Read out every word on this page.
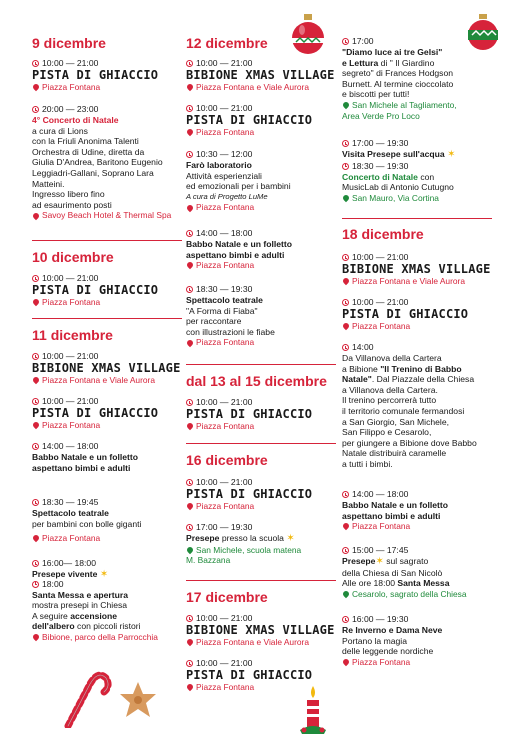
9 dicembre
10:00 — 21:00
PISTA DI GHIACCIO
Piazza Fontana
20:00 — 23:00
4° Concerto di Natale
a cura di Lions
con la Friuli Anonima Talenti
Orchestra di Udine, diretta da
Giulia D'Andrea, Baritono Eugenio
Leggiadri-Gallani, Soprano Lara
Matteini.
Ingresso libero fino
ad esaurimento posti
Savoy Beach Hotel & Thermal Spa
10 dicembre
10:00 — 21:00
PISTA DI GHIACCIO
Piazza Fontana
11 dicembre
10:00 — 21:00
BIBIONE XMAS VILLAGE
Piazza Fontana e Viale Aurora
10:00 — 21:00
PISTA DI GHIACCIO
Piazza Fontana
14:00 — 18:00
Babbo Natale e un folletto
aspettano bimbi e adulti
18:30 — 19:45
Spettacolo teatrale
per bambini con bolle giganti
Piazza Fontana
16:00— 18:00
Presepe vivente ✶
18:00
Santa Messa e apertura
mostra presepi in Chiesa
A seguire accensione
dell'albero con piccoli ristori
Bibione, parco della Parrocchia
12 dicembre
10:00 — 21:00
BIBIONE XMAS VILLAGE
Piazza Fontana e Viale Aurora
10:00 — 21:00
PISTA DI GHIACCIO
Piazza Fontana
10:30 — 12:00
Farò laboratorio
Attività esperienziali
ed emozionali per i bambini
A cura di Progetto LuMe
Piazza Fontana
14:00 — 18:00
Babbo Natale e un folletto
aspettano bimbi e adulti
Piazza Fontana
18:30 — 19:30
Spettacolo teatrale
"A Forma di Fiaba"
per raccontare
con illustrazioni le fiabe
Piazza Fontana
dal 13 al 15 dicembre
10:00 — 21:00
PISTA DI GHIACCIO
Piazza Fontana
16 dicembre
10:00 — 21:00
PISTA DI GHIACCIO
Piazza Fontana
17:00 — 19:30
Presepe presso la scuola ✶
San Michele, scuola matena
M. Bazzana
17 dicembre
10:00 — 21:00
BIBIONE XMAS VILLAGE
Piazza Fontana e Viale Aurora
10:00 — 21:00
PISTA DI GHIACCIO
Piazza Fontana
17:00
"Diamo luce ai tre Gelsi"
e Lettura di " Il Giardino
segreto" di Frances Hodgson
Burnett. Al termine cioccolato
e biscotti per tutti!
San Michele al Tagliamento,
Area Verde Pro Loco
17:00 — 19:30
Visita Presepe sull'acqua ✶
18:30 — 19:30
Concerto di Natale con
MusicLab di Antonio Cutugno
San Mauro, Via Cortina
18 dicembre
10:00 — 21:00
BIBIONE XMAS VILLAGE
Piazza Fontana e Viale Aurora
10:00 — 21:00
PISTA DI GHIACCIO
Piazza Fontana
14:00
Da Villanova della Cartera
a Bibione "Il Trenino di Babbo
Natale". Dal Piazzale della Chiesa
a Villanova della Cartera.
Il trenino percorrerà tutto
il territorio comunale fermandosi
a San Giorgio, San Michele,
San Filippo e Cesarolo,
per giungere a Bibione dove Babbo
Natale distribuirà caramelle
a tutti i bimbi.
14:00 — 18:00
Babbo Natale e un folletto
aspettano bimbi e adulti
Piazza Fontana
15:00 — 17:45
Presepe✶ sul sagrato
della Chiesa di San Nicolò
Alle ore 18:00 Santa Messa
Cesarolo, sagrato della Chiesa
16:00 — 19:30
Re Inverno e Dama Neve
Portano la magia
delle leggende nordiche
Piazza Fontana
